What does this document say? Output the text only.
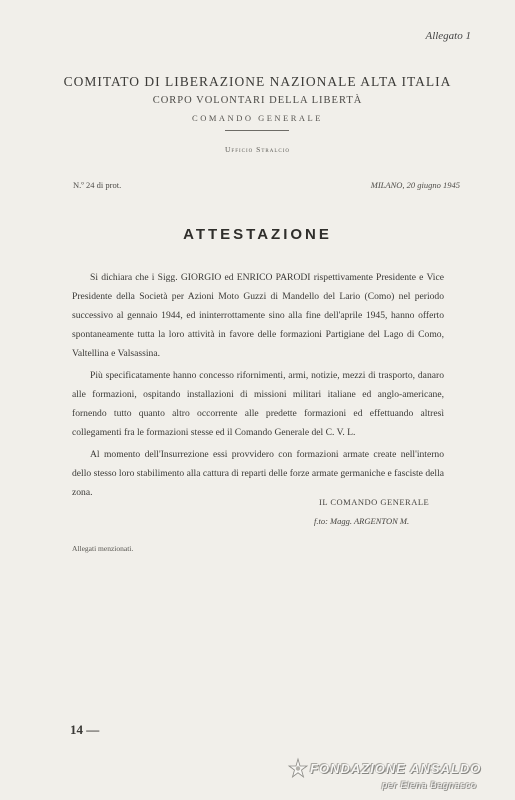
Allegato 1
COMITATO DI LIBERAZIONE NAZIONALE ALTA ITALIA
CORPO VOLONTARI DELLA LIBERTÀ
COMANDO GENERALE
Ufficio Stralcio
N.º 24 di prot.	MILANO, 20 giugno 1945
ATTESTAZIONE

Si dichiara che i Sigg. GIORGIO ed ENRICO PARODI rispettivamente Presidente e Vice Presidente della Società per Azioni Moto Guzzi di Mandello del Lario (Como) nel periodo successivo al gennaio 1944, ed ininterrottamente sino alla fine dell'aprile 1945, hanno offerto spontaneamente tutta la loro attività in favore delle formazioni Partigiane del Lago di Como, Valtellina e Valsassina.

Più specificatamente hanno concesso rifornimenti, armi, notizie, mezzi di trasporto, danaro alle formazioni, ospitando installazioni di missioni militari italiane ed anglo-americane, fornendo tutto quanto altro occorrente alle predette formazioni ed effettuando altresì collegamenti fra le formazioni stesse ed il Comando Generale del C. V. L.

Al momento dell'Insurrezione essi provvidero con formazioni armate create nell'interno dello stesso loro stabilimento alla cattura di reparti delle forze armate germaniche e fasciste della zona.

IL COMANDO GENERALE
f.to: Magg. ARGENTON M.
Allegati menzionati.
14 —
FONDAZIONE ANSALDO
per Elena Bagnasco
